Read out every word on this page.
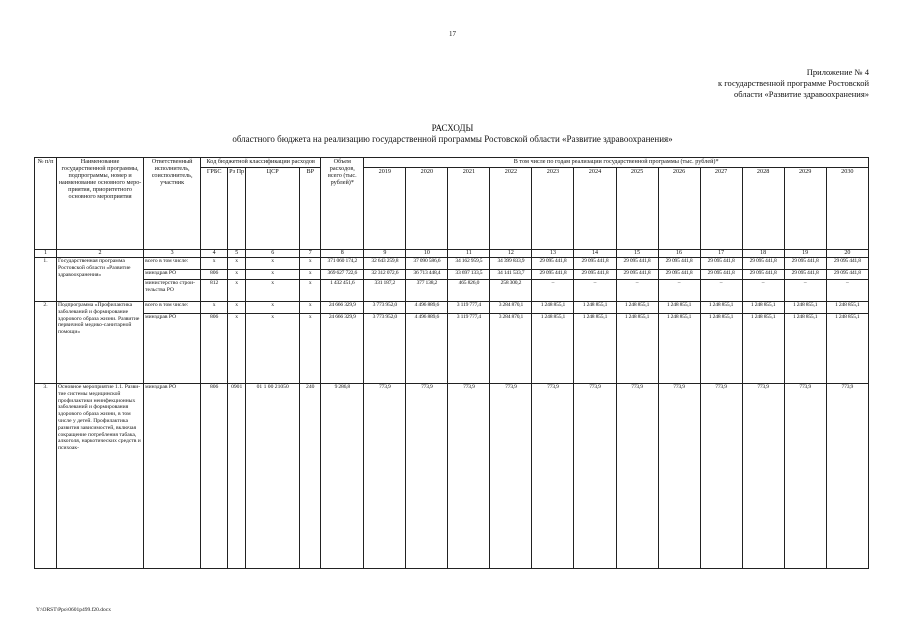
17
Приложение № 4
к государственной программе Ростовской
области «Развитие здравоохранения»
РАСХОДЫ
областного бюджета на реализацию государственной программы Ростовской области «Развитие здравоохранения»
№ п/п	Наименование государственной программы, подпрограммы, номер и наименование основного мероприятия, приоритетного основного мероприятия	Ответственный исполнитель, соисполнитель, участник	Код бюджетной классификации расходов				Объем расходов, всего (тыс. рублей)*	В том числе по годам реализации государственной программы (тыс. рублей)*											
			ГРБС	Рз Пр	ЦСР	ВР		2019	2020	2021	2022	2023	2024	2025	2026	2027	2028	2029	2030
1	2	3	4	5	6	7	8	9	10	11	12	13	14	15	16	17	18	19	20
1.	Государственная программа Ростовской области «Развитие здравоохранения»	всего в том числе:	x	x	x	x	371 060 174,2	32 643 259,8	37 090 586,6	34 162 959,5	34 399 833,9	29 095 441,8	29 095 441,8	29 095 441,8	29 095 441,8	29 095 441,8	29 095 441,8	29 095 441,8	29 095 441,8
		минздрав РО	806	x	x	x	369 627 722,6	32 312 072,6	36 713 448,4	33 697 133,5	34 141 533,7	29 095 441,8	29 095 441,8	29 095 441,8	29 095 441,8	29 095 441,8	29 095 441,8	29 095 441,8	29 095 441,8
		министерство строительства РО	812	x	x	x	1 432 451,6	331 187,2	377 138,2	465 826,0	258 300,2	–	–	–	–	–	–	–	–
2.	Подпрограмма «Профилактика заболеваний и формирование здорового образа жизни. Развитие первичной медико-санитарной помощи»	всего в том числе:	x	x	x	x	24 666 329,9	3 773 952,0	4 496 889,6	3 119 777,4	3 284 870,1	1 248 855,1	1 248 855,1	1 248 855,1	1 248 855,1	1 248 855,1	1 248 855,1	1 248 855,1	1 248 855,1
		минздрав РО	806	x	x	x	24 666 329,9	3 773 952,0	4 496 889,6	3 119 777,4	3 284 870,1	1 248 855,1	1 248 855,1	1 248 855,1	1 248 855,1	1 248 855,1	1 248 855,1	1 248 855,1	1 248 855,1
3.	Основное мероприятие 1.1. Развитие системы медицинской профилактики неинфекционных заболеваний и формирования здорового образа жизни, в том числе у детей. Профилактика развития зависимостей, включая сокращение потребления табака, алкоголя, наркотических средств и психоак-	минздрав РО	806	0901	01 1 00 21050	240	9 286,8	773,9	773,9	773,9	773,9	773,9	773,9	773,9	773,9	773,9	773,9	773,9	773,9
Y:\ORST\Ppo\0601p499.f20.docx
